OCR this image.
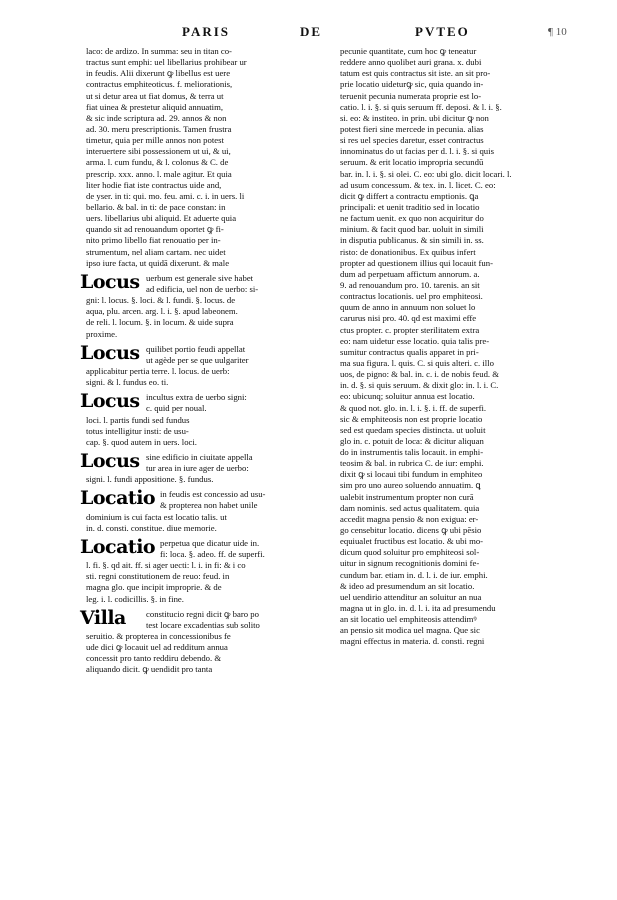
PARIS	DE	PVTEO	¶ 10
laco: de ardizo. In summa: seu in titan co-
tractus sunt emphi: uel libellarius prohibear ur
in feudis. Alii dixerunt ꝙ libellus est uere
contractus emphiteoticus. f. meliorationis,
ut si detur area ut fiat domus, & terra ut
fiat uinea & prestetur aliquid annuatim,
& sic inde scriptura ad. 29. annos & non
ad. 30. meru prescriptionis. Tamen frustra
timetur, quia per mille annos non potest
interuertere sibi possessionem ut ui, & ui,
arma. l. cum fundu, & l. colonus & C. de
prescrip. xxx. anno. l. male agitur. Et quia
liter hodie fiat iste contractus uide and,
de yser. in ti: qui. mo. feu. ami. c. i. in uers. li
bellario. & bal. in ti: de pace constan: in
uers. libellarius ubi aliquid. Et aduerte quia
quando sit ad renouandum oportet ꝙ fi-
nito primo libello fiat renouatio per in-
strumentum, nel aliam cartam. nec uidet
ipso iure facta, ut quidā dixerunt. & male
Locus uerbum est generale sive habet
ad edificia, uel non de uerbo: si-
gni: l. locus. §. loci. & l. fundi. §. locus. de
aqua, plu. arcen. arg. l. i. §. apud labeonem.
de reli. l. locum. §. in locum. & uide supra
proxime.
Locus quilibet portio feudi appellat
ut agède per se que uulgariter
applicabitur pertia terre. l. locus. de uerb:
signi. & l. fundus eo. ti.
Locus incultus extra de uerbo signi:
c. quid per noual.
loci. l. partis fundi sed fundus
totus intelligitur insti: de usu-
cap. §. quod autem in uers. loci.
Locus sine edificio in ciuitate appella
tur area in iure ager de uerbo:
signi. l. fundi appositione. §. fundus.
Locatio in feudis est concessio ad usu-
& propterea non habet unile
dominium is cui facta est locatio talis. ut
in. d. consti. constitue. diue memorie.
Locatio perpetua que dicatur uide in.
fi: loca. §. adeo. ff. de superfi.
l. fi. §. qd ait. ff. si ager uecti: l. i. in fi: & i co
sti. regni constitutionem de reuo: feud. in
magna glo. que incipit improprie. & de
leg. i. l. codicillis. §. in fine.
Villa	constitucio regni dicit ꝙ baro po
test locare excadentias sub solito
seruitio. & propterea in concessionibus fe
ude dici ꝙ locauit uel ad redditum annua
concessit pro tanto reddiru debendo. &
aliquando dicit. ꝙ uendidit pro tanta
pecunie quantitate, cum hoc ꝙ teneatur
reddere anno quolibet auri grana. x. dubi
tatum est quis contractus sit iste. an sit pro-
prie locatio uideturꝙ sic, quia quando in-
teruenit pecunia numerata proprie est lo-
catio. l. i. §. si quis seruum ff. deposi. & l. i. §.
si. eo: & institeo. in prin. ubi dicitur ꝙ non
potest fieri sine mercede in pecunia. alias
si res uel species daretur, esset contractus
innominatus do ut facias per d. l. i. §. si quis
seruum. & erit locatio impropria secundū
bar. in. l. i. §. si olei. C. eo: ubi glo. dicit locari. l.
ad usum concessum. & tex. in. l. licet. C. eo:
dicit ꝙ differt a contractu emptionis. ꝗa
principali: et uenit traditio sed in locatio
ne factum uenit. ex quo non acquiritur do
minium. & facit quod bar. uoluit in simili
in disputia publicanus. & sin simili in. ss.
risto: de donationibus. Ex quibus infert
propter ad questionem illius qui locauit fun-
dum ad perpetuam affictum annorum. a.
9. ad renouandum pro. 10. tarenis. an sit
contractus locationis. uel pro emphiteosi.
quum de anno in annuum non soluet lo
carurus nisi pro. 40. qd est maximi effe
ctus propter. c. propter sterilitatem extra
eo: nam uidetur esse locatio. quia talis pre-
sumitur contractus qualis apparet in pri-
ma sua figura. l. quis. C. si quis alteri. c. illo
uos, de pigno: & bal. in. c. i. de nobis feud. &
in. d. §. si quis seruum. & dixit glo: in. l. i. C.
eo: ubicunq; soluitur annua est locatio.
& quod not. glo. in. l. i. §. i. ff. de superfi.
sic & emphiteosis non est proprie locatio
sed est quedam species distincta. ut uoluit
glo in. c. potuit de loca: & dicitur aliquan
do in instrumentis talis locauit. in emphi-
teosim & bal. in rubrica C. de iur: emphi.
dixit ꝙ si locaui tibi fundum in emphiteo
sim pro uno aureo soluendo annuatim. ꝗ
ualebit instrumentum propter non curā
dam nominis. sed actus qualitatem. quia
accedit magna pensio & non exigua: er-
go censebitur locatio. dicens ꝙ ubi pēsio
equiualet fructibus est locatio. & ubi mo-
dicum quod soluitur pro emphiteosi sol-
uitur in signum recognitionis domini fe-
cundum bar. etiam in. d. l. i. de iur. emphi.
& ideo ad presumendum an sit locatio.
uel uendirio attenditur an soluitur an nua
magna ut in glo. in. d. l. i. ita ad presumendu
an sit locatio uel emphiteosis attendimꝰ
an pensio sit modica uel magna. Que sic
magni effectus in materia. d. consti. regni
